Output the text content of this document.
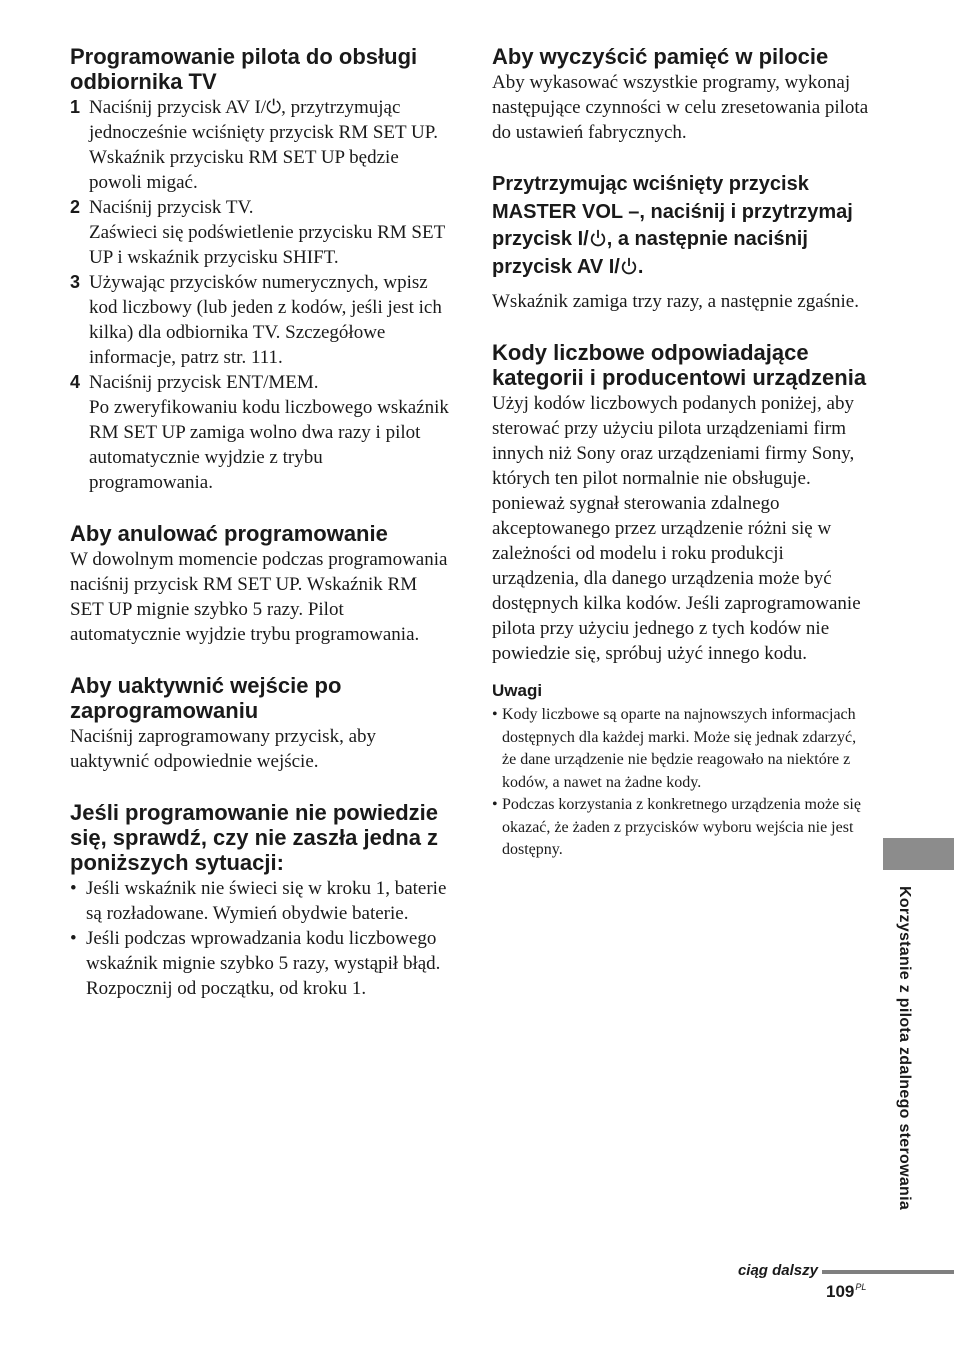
Programowanie pilota do obsługi odbiornika TV
1 Naciśnij przycisk AV I/⏻, przytrzymując jednocześnie wciśnięty przycisk RM SET UP.
Wskaźnik przycisku RM SET UP będzie powoli migać.
2 Naciśnij przycisk TV.
Zaświeci się podświetlenie przycisku RM SET UP i wskaźnik przycisku SHIFT.
3 Używając przycisków numerycznych, wpisz kod liczbowy (lub jeden z kodów, jeśli jest ich kilka) dla odbiornika TV. Szczegółowe informacje, patrz str. 111.
4 Naciśnij przycisk ENT/MEM.
Po zweryfikowaniu kodu liczbowego wskaźnik RM SET UP zamiga wolno dwa razy i pilot automatycznie wyjdzie z trybu programowania.
Aby anulować programowanie

W dowolnym momencie podczas programowania naciśnij przycisk RM SET UP. Wskaźnik RM SET UP mignie szybko 5 razy. Pilot automatycznie wyjdzie trybu programowania.

Aby uaktywnić wejście po zaprogramowaniu

Naciśnij zaprogramowany przycisk, aby uaktywnić odpowiednie wejście.

Jeśli programowanie nie powiedzie się, sprawdź, czy nie zaszła jedna z poniższych sytuacji:
• Jeśli wskaźnik nie świeci się w kroku 1, baterie są rozładowane. Wymień obydwie baterie.
• Jeśli podczas wprowadzania kodu liczbowego wskaźnik mignie szybko 5 razy, wystąpił błąd. Rozpocznij od początku, od kroku 1.
Aby wyczyścić pamięć w pilocie

Aby wykasować wszystkie programy, wykonaj następujące czynności w celu zresetowania pilota do ustawień fabrycznych.

Przytrzymując wciśnięty przycisk MASTER VOL –, naciśnij i przytrzymaj przycisk I/ , a następnie naciśnij przycisk AV I/ .

Wskaźnik zamiga trzy razy, a następnie zgaśnie.

Kody liczbowe odpowiadające kategorii i producentowi urządzenia

Użyj kodów liczbowych podanych poniżej, aby sterować przy użyciu pilota urządzeniami firm innych niż Sony oraz urządzeniami firmy Sony, których ten pilot normalnie nie obsługuje. ponieważ sygnał sterowania zdalnego akceptowanego przez urządzenie różni się w zależności od modelu i roku produkcji urządzenia, dla danego urządzenia może być dostępnych kilka kodów. Jeśli zaprogramowanie pilota przy użyciu jednego z tych kodów nie powiedzie się, spróbuj użyć innego kodu.

Uwagi
• Kody liczbowe są oparte na najnowszych informacjach dostępnych dla każdej marki. Może się jednak zdarzyć, że dane urządzenie nie będzie reagowało na niektóre z kodów, a nawet na żadne kody.
• Podczas korzystania z konkretnego urządzenia może się okazać, że żaden z przycisków wyboru wejścia nie jest dostępny.
Korzystanie z pilota zdalnego sterowania
ciąg dalszy
$109^{PL}$
